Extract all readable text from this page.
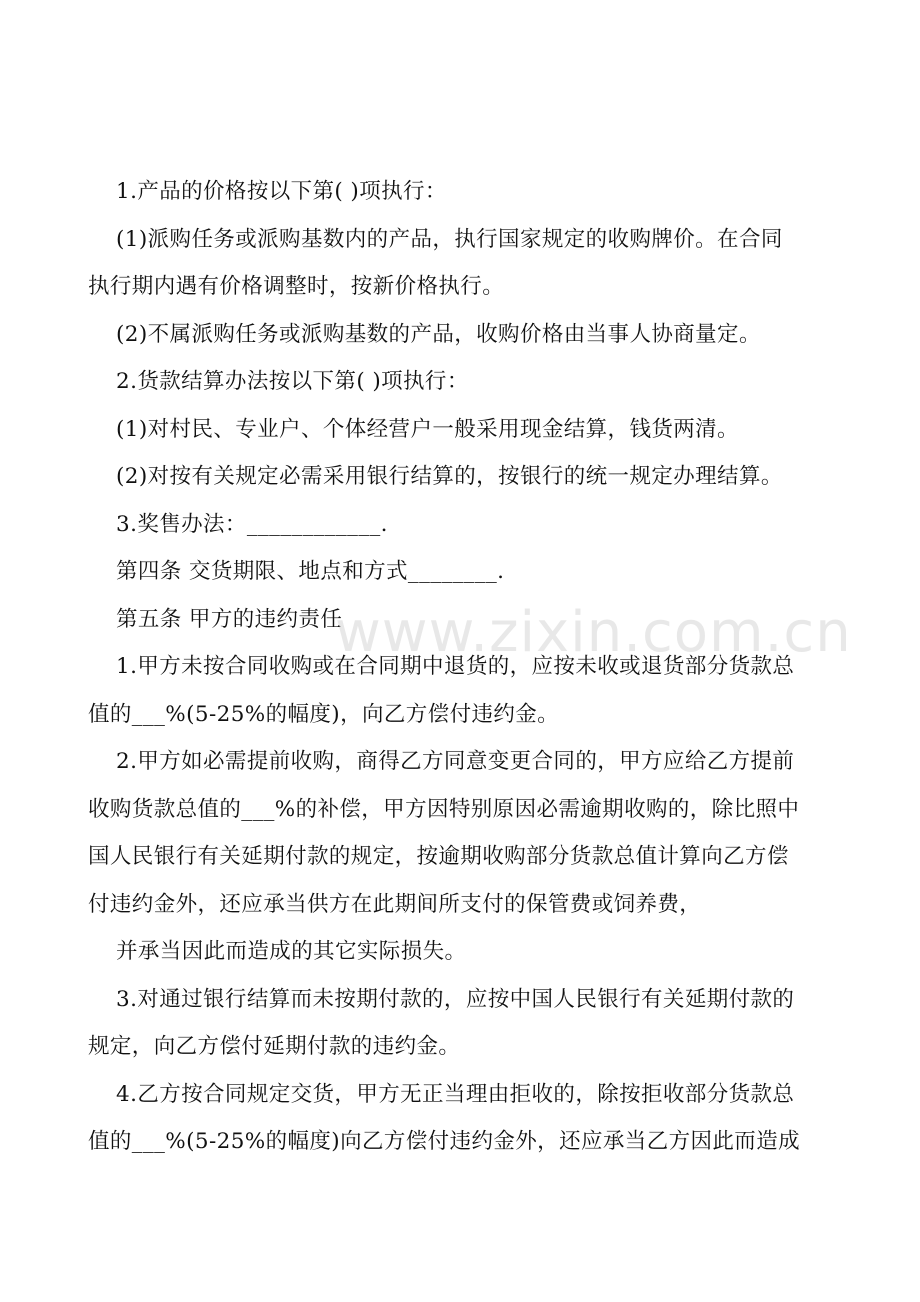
1.产品的价格按以下第( )项执行：

(1)派购任务或派购基数内的产品，执行国家规定的收购牌价。在合同

执行期内遇有价格调整时，按新价格执行。

(2)不属派购任务或派购基数的产品，收购价格由当事人协商量定。

2.货款结算办法按以下第( )项执行：

(1)对村民、专业户、个体经营户一般采用现金结算，钱货两清。

(2)对按有关规定必需采用银行结算的，按银行的统一规定办理结算。

3.奖售办法：____________.

第四条 交货期限、地点和方式________.

第五条 甲方的违约责任

1.甲方未按合同收购或在合同期中退货的，应按未收或退货部分货款总

值的___%(5-25%的幅度)，向乙方偿付违约金。

2.甲方如必需提前收购，商得乙方同意变更合同的，甲方应给乙方提前

收购货款总值的___%的补偿，甲方因特别原因必需逾期收购的，除比照中

国人民银行有关延期付款的规定，按逾期收购部分货款总值计算向乙方偿

付违约金外，还应承当供方在此期间所支付的保管费或饲养费，

并承当因此而造成的其它实际损失。

3.对通过银行结算而未按期付款的，应按中国人民银行有关延期付款的

规定，向乙方偿付延期付款的违约金。

4.乙方按合同规定交货，甲方无正当理由拒收的，除按拒收部分货款总

值的___%(5-25%的幅度)向乙方偿付违约金外，还应承当乙方因此而造成

www.zixin.com.cn
